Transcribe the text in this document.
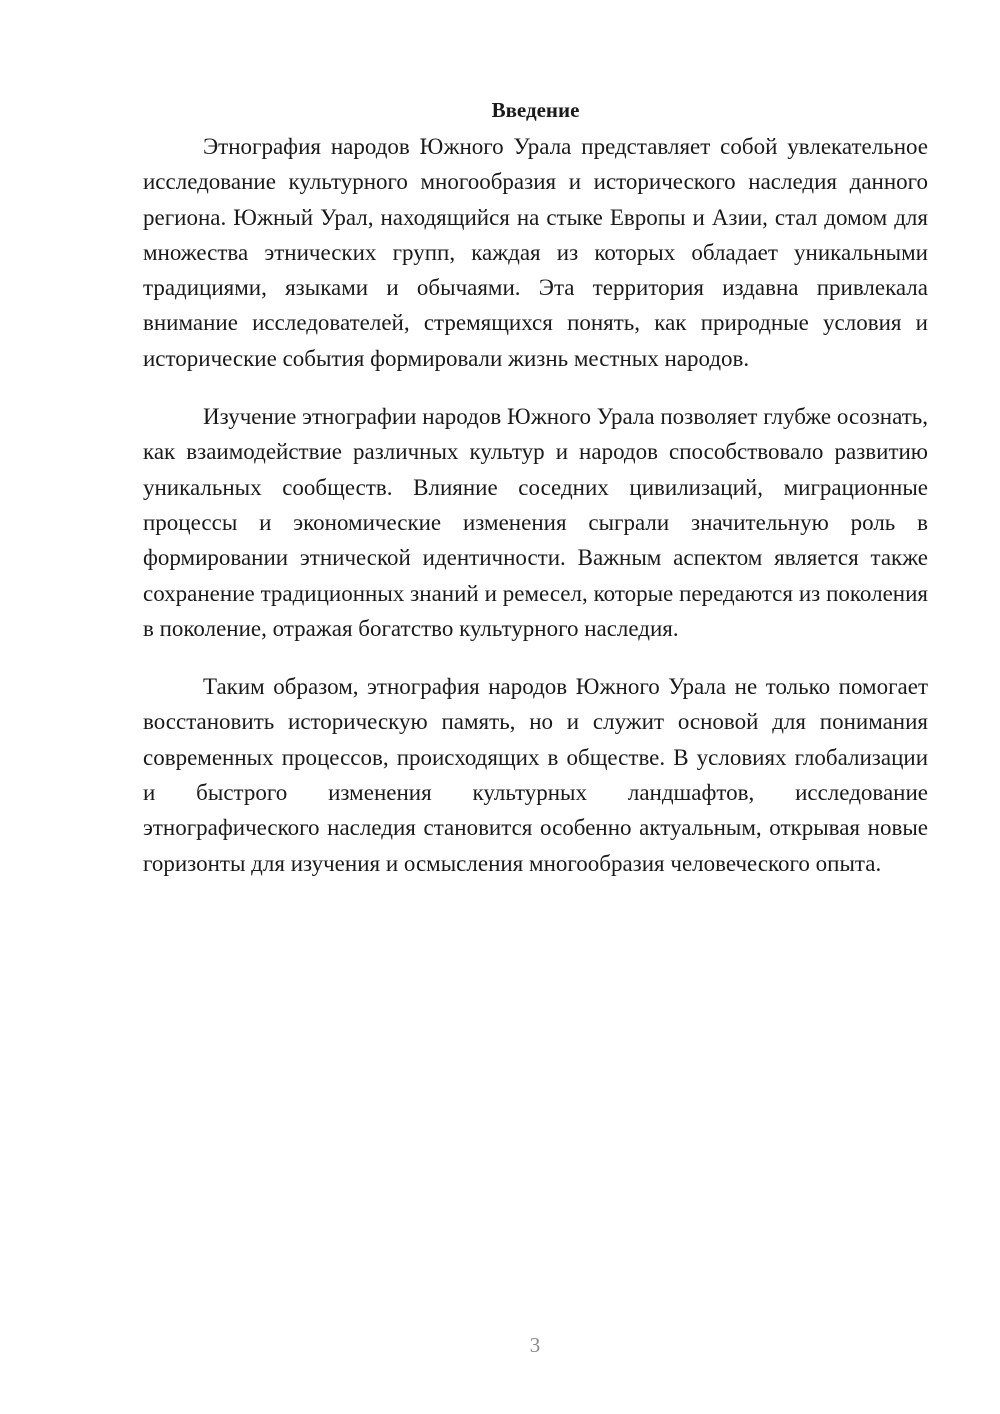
Введение

Этнография народов Южного Урала представляет собой увлекательное исследование культурного многообразия и исторического наследия данного региона. Южный Урал, находящийся на стыке Европы и Азии, стал домом для множества этнических групп, каждая из которых обладает уникальными традициями, языками и обычаями. Эта территория издавна привлекала внимание исследователей, стремящихся понять, как природные условия и исторические события формировали жизнь местных народов.

Изучение этнографии народов Южного Урала позволяет глубже осознать, как взаимодействие различных культур и народов способствовало развитию уникальных сообществ. Влияние соседних цивилизаций, миграционные процессы и экономические изменения сыграли значительную роль в формировании этнической идентичности. Важным аспектом является также сохранение традиционных знаний и ремесел, которые передаются из поколения в поколение, отражая богатство культурного наследия.

Таким образом, этнография народов Южного Урала не только помогает восстановить историческую память, но и служит основой для понимания современных процессов, происходящих в обществе. В условиях глобализации и быстрого изменения культурных ландшафтов, исследование этнографического наследия становится особенно актуальным, открывая новые горизонты для изучения и осмысления многообразия человеческого опыта.

3
